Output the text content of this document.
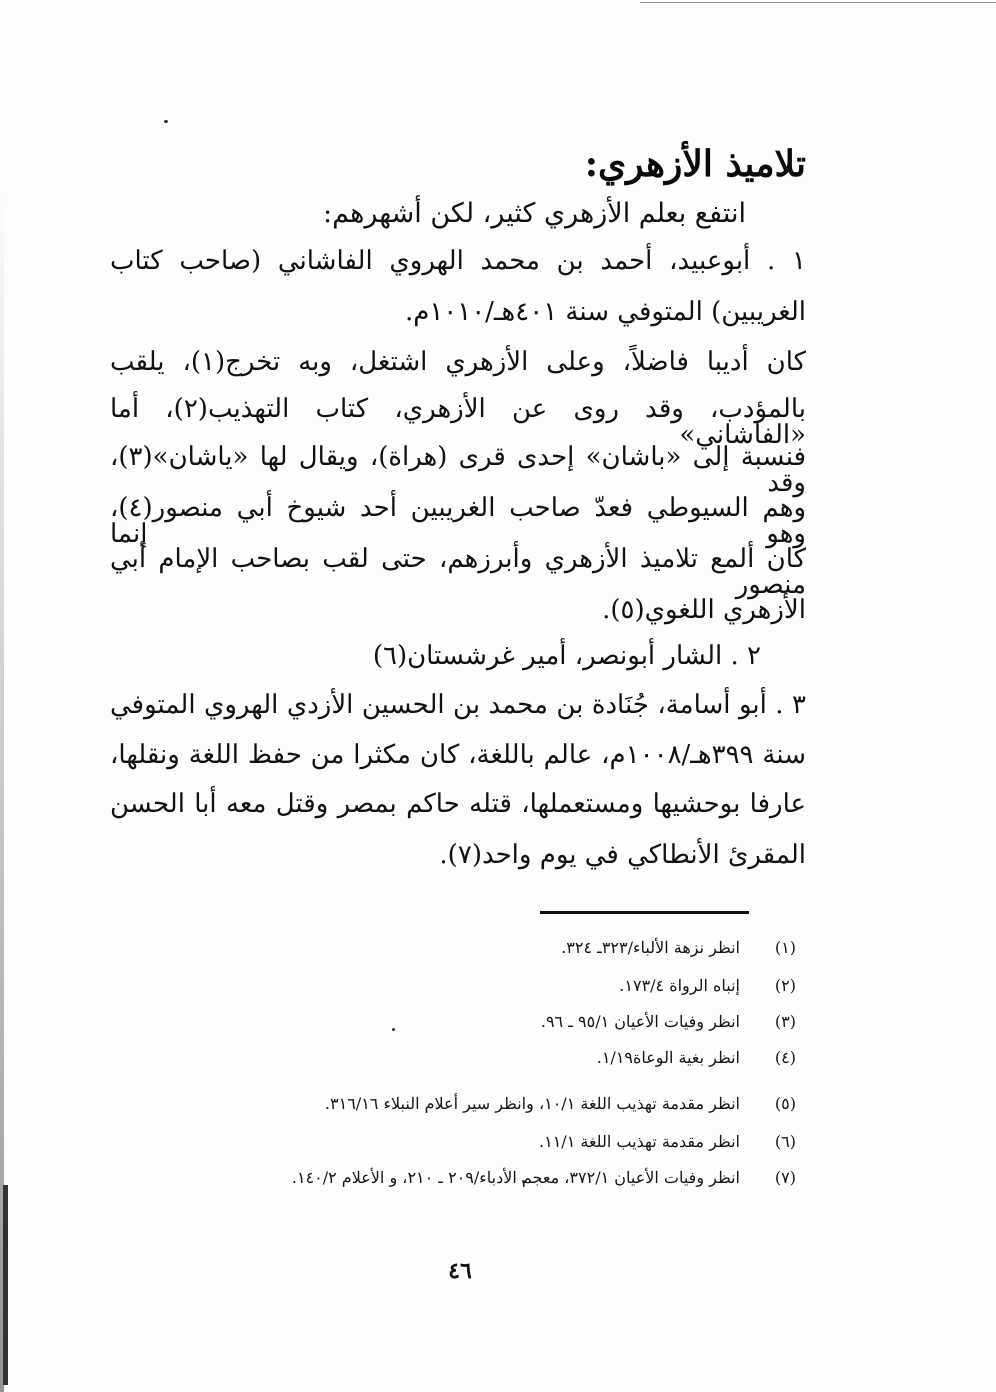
تلاميذ الأزهري:
انتفع بعلم الأزهري كثير، لكن أشهرهم:
١ . أبوعبيد، أحمد بن محمد الهروي الفاشاني (صاحب كتاب
الغريبين) المتوفي سنة ٤٠١هـ/١٠١٠م.
كان أديبا فاضلاً، وعلى الأزهري اشتغل، وبه تخرج(١)، يلقب
بالمؤدب، وقد روى عن الأزهري، كتاب التهذيب(٢)، أما «الفاشاني»
فنسبة إلى «باشان» إحدى قرى (هراة)، ويقال لها «ياشان»(٣)، وقد
وهم السيوطي فعدّ صاحب الغريبين أحد شيوخ أبي منصور(٤)، وهو إنما
كان ألمع تلاميذ الأزهري وأبرزهم، حتى لقب بصاحب الإمام أبي منصور
الأزهري اللغوي(٥).
٢ . الشار أبونصر، أمير غرشستان(٦)
٣ . أبو أسامة، جُنَادة بن محمد بن الحسين الأزدي الهروي المتوفي
سنة ٣٩٩هـ/١٠٠٨م، عالم باللغة، كان مكثرا من حفظ اللغة ونقلها،
عارفا بوحشيها ومستعملها، قتله حاكم بمصر وقتل معه أبا الحسن
المقرئ الأنطاكي في يوم واحد(٧).
(١)انظر نزهة الألباء/٣٢٣ـ ٣٢٤.
(٢)إنباه الرواة ١٧٣/٤.
(٣)انظر وفيات الأعيان ٩٥/١ ـ ٩٦.
(٤)انظر بغية الوعاة١/١٩.
(٥)انظر مقدمة تهذيب اللغة ١٠/١، وانظر سير أعلام النبلاء ٣١٦/١٦.
(٦)انظر مقدمة تهذيب اللغة ١١/١.
(٧)انظر وفيات الأعيان ٣٧٢/١، معجم الأدباء/٢٠٩ ـ ٢١٠، و الأعلام ١٤٠/٢.
٤٦
